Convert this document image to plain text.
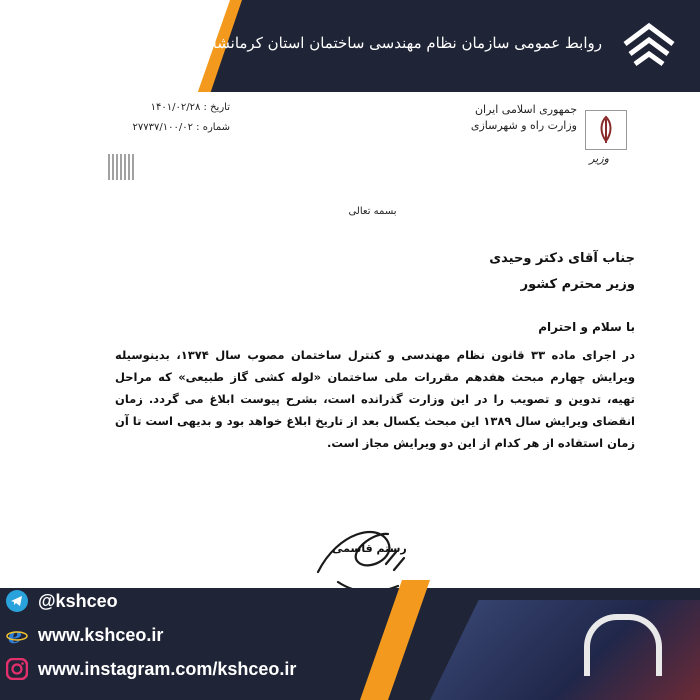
روابط عمومی سازمان نظام مهندسی ساختمان استان کرمانشاه
جمهوری اسلامی ایران
وزارت راه و شهرسازی
وزیر
تاریخ : ۱۴۰۱/۰۲/۲۸
شماره : ۲۷۷۳۷/۱۰۰/۰۲
بسمه تعالی
جناب آقای دکتر وحیدی
وزیر محترم کشور
با سلام و احترام
در اجرای ماده ۳۳ قانون نظام مهندسی و کنترل ساختمان مصوب سال ۱۳۷۴، بدینوسیله ویرایش چهارم مبحث هفدهم مقررات ملی ساختمان «لوله کشی گاز طبیعی» که مراحل تهیه، تدوین و تصویب را در این وزارت گذرانده است، بشرح پیوست ابلاغ می گردد. زمان انقضای ویرایش سال ۱۳۸۹ این مبحث یکسال بعد از تاریخ ابلاغ خواهد بود و بدیهی است تا آن زمان استفاده از هر کدام از این دو ویرایش مجاز است.
رستم قاسمی
@kshceo
e www.kshceo.ir
www.instagram.com/kshceo.ir
